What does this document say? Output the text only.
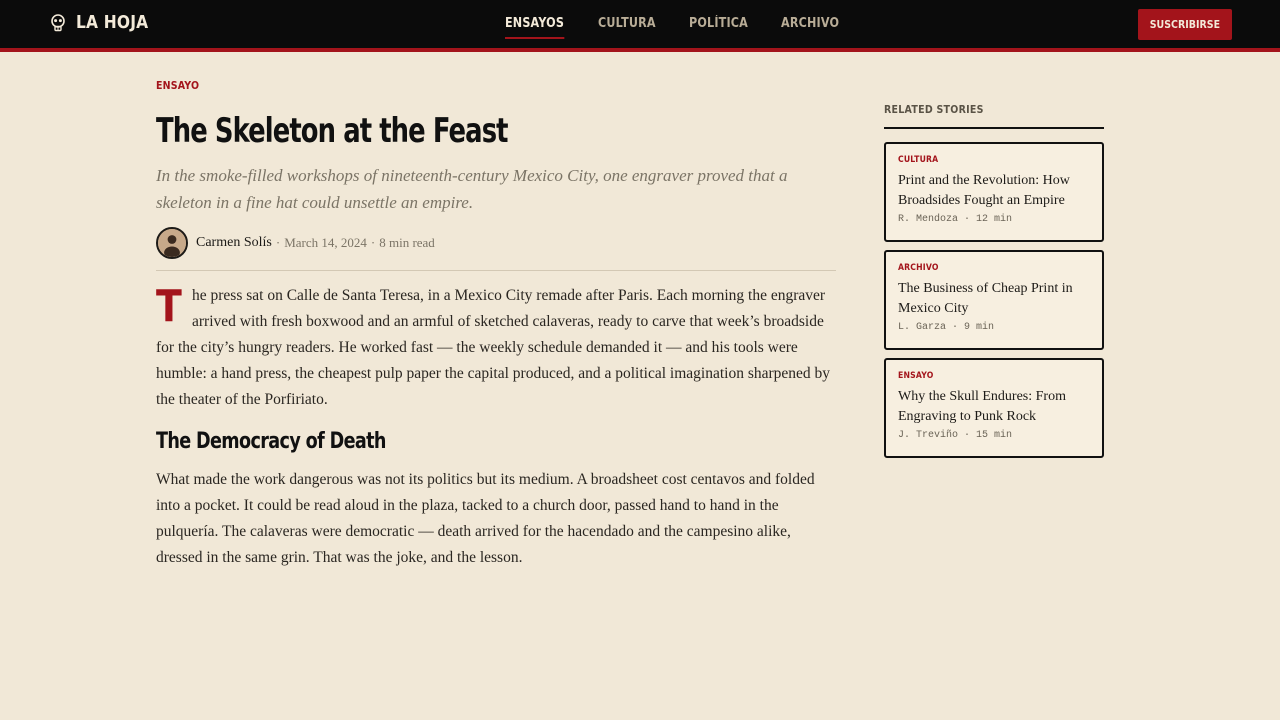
LA HOJA	ENSAYOS	CULTURA	POLÍTICA	ARCHIVO	SUSCRIBIRSE
ENSAYO
The Skeleton at the Feast

In the smoke-filled workshops of nineteenth-century Mexico City, one engraver proved that a skeleton in a fine hat could unsettle an empire.

Carmen Solís · March 14, 2024 · 8 min read

The press sat on Calle de Santa Teresa, in a Mexico City remade after Paris. Each morning the engraver arrived with fresh boxwood and an armful of sketched calaveras, ready to carve that week’s broadside for the city’s hungry readers. He worked fast — the weekly schedule demanded it — and his tools were humble: a hand press, the cheapest pulp paper the capital produced, and a political imagination sharpened by the theater of the Porfiriato.

The Democracy of Death

What made the work dangerous was not its politics but its medium. A broadsheet cost centavos and folded into a pocket. It could be read aloud in the plaza, tacked to a church door, passed hand to hand in the pulquería. The calaveras were democratic — death arrived for the hacendado and the campesino alike, dressed in the same grin. That was the joke, and the lesson.

RELATED STORIES
CULTURA
Print and the Revolution: How Broadsides Fought an Empire
R. Mendoza · 12 min
ARCHIVO
The Business of Cheap Print in Mexico City
L. Garza · 9 min
ENSAYO
Why the Skull Endures: From Engraving to Punk Rock
J. Treviño · 15 min
